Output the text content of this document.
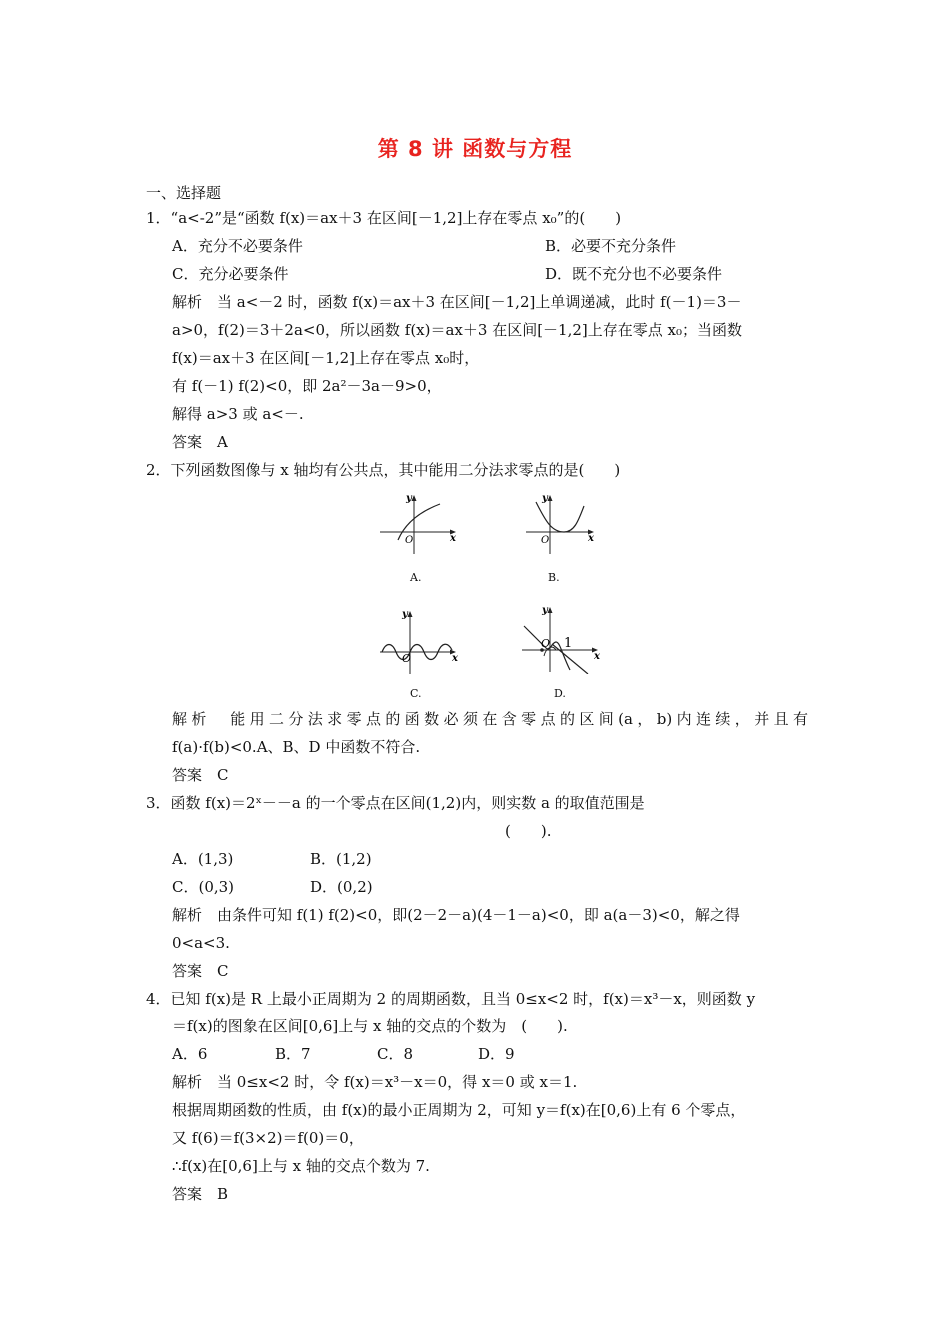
第 8 讲 函数与方程
一、选择题
1．“a<-2”是“函数 f(x)＝ax＋3 在区间[－1,2]上存在零点 x₀”的(　　)
A．充分不必要条件	B．必要不充分条件
C．充分必要条件	D．既不充分也不必要条件
解析　当 a<－2 时，函数 f(x)＝ax＋3 在区间[－1,2]上单调递减，此时 f(－1)＝3－
a>0，f(2)＝3＋2a<0，所以函数 f(x)＝ax＋3 在区间[－1,2]上存在零点 x₀；当函数
f(x)＝ax＋3 在区间[－1,2]上存在零点 x₀时，
有 f(－1) f(2)<0，即 2a²－3a－9>0，
解得 a>3 或 a<－.
答案　A
2．下列函数图像与 x 轴均有公共点，其中能用二分法求零点的是(　　)
y
O	x
A.
y
O	x
B.
y
O	x
C.
y
O 1
x
D.
解析　能用二分法求零点的函数必须在含零点的区间(a，b)内连续，并且有
f(a)·f(b)<0.A、B、D 中函数不符合.
答案　C
3．函数 f(x)＝2ˣ－－a 的一个零点在区间(1,2)内，则实数 a 的取值范围是
(　　).
A．(1,3)	B．(1,2)
C．(0,3)	D．(0,2)
解析　由条件可知 f(1) f(2)<0，即(2－2－a)(4－1－a)<0，即 a(a－3)<0，解之得
0<a<3.
答案　C
4．已知 f(x)是 R 上最小正周期为 2 的周期函数，且当 0≤x<2 时，f(x)＝x³－x，则函数 y
＝f(x)的图象在区间[0,6]上与 x 轴的交点的个数为　(　　).
A．6	B．7	C．8	D．9
解析　当 0≤x<2 时，令 f(x)＝x³－x＝0，得 x＝0 或 x＝1.
根据周期函数的性质，由 f(x)的最小正周期为 2，可知 y＝f(x)在[0,6)上有 6 个零点，
又 f(6)＝f(3×2)＝f(0)＝0，
∴f(x)在[0,6]上与 x 轴的交点个数为 7.
答案　B
